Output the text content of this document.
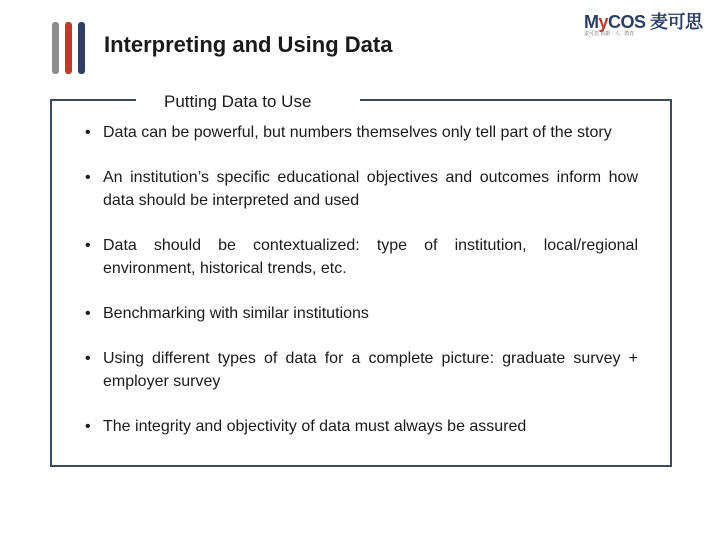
Interpreting and Using Data
MyCOS 麦可思
麦可思 数据 · 人 · 教育
Putting Data to Use
• Data can be powerful, but numbers themselves only tell part of the story
• An institution’s specific educational objectives and outcomes inform how data should be interpreted and used
• Data should be contextualized: type of institution, local/regional environment, historical trends, etc.
• Benchmarking with similar institutions
• Using different types of data for a complete picture: graduate survey + employer survey
• The integrity and objectivity of data must always be assured
